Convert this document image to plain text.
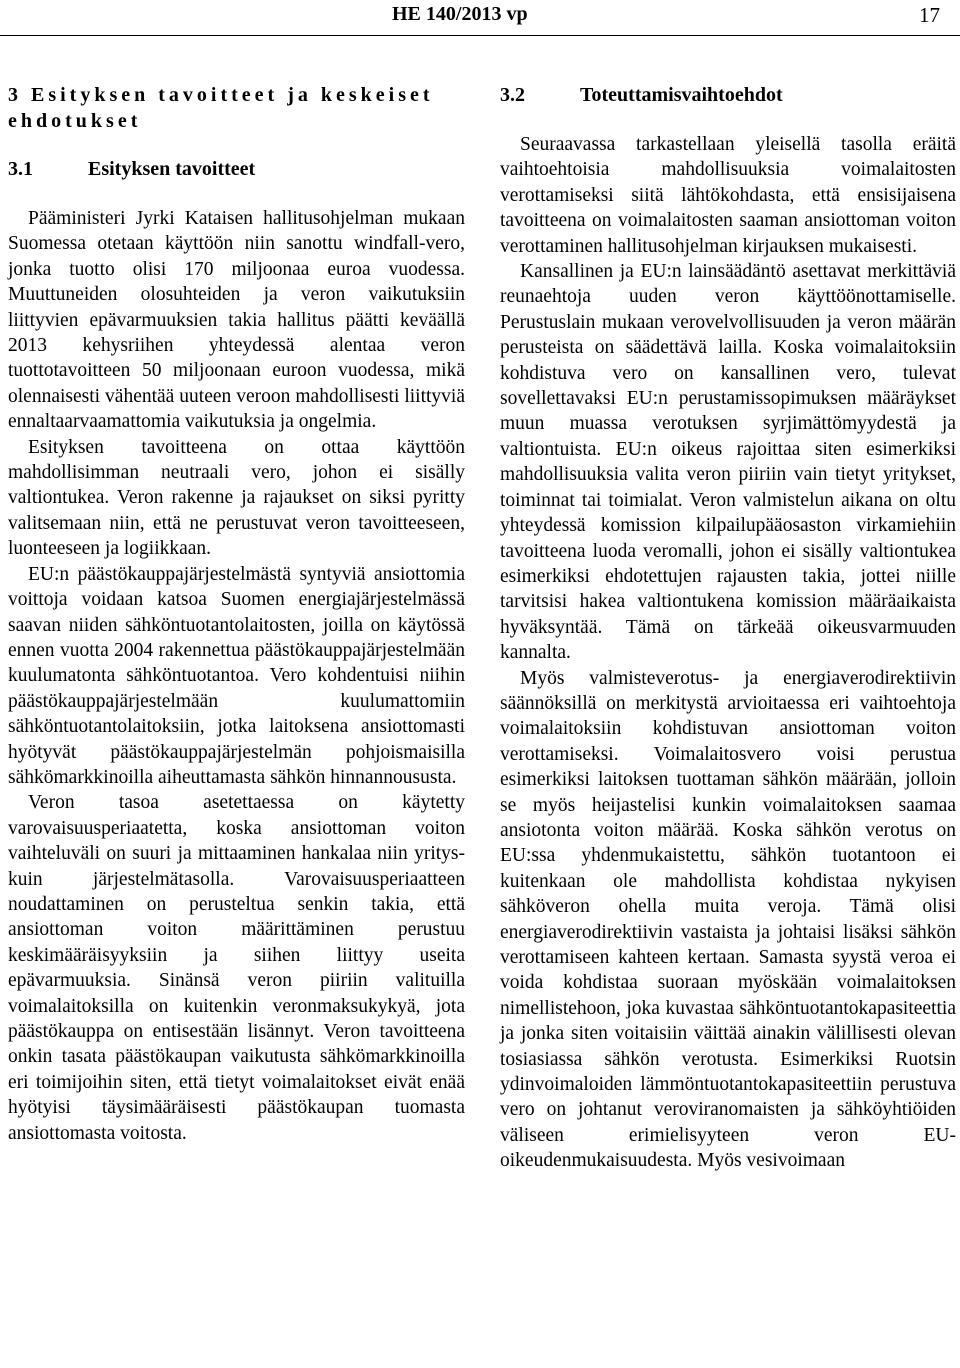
HE 140/2013 vp	17
3 Esityksen tavoitteet ja keskeiset ehdotukset
3.1	Esityksen tavoitteet

Pääministeri Jyrki Kataisen hallitusohjelman mukaan Suomessa otetaan käyttöön niin sanottu windfall-vero, jonka tuotto olisi 170 miljoonaa euroa vuodessa. Muuttuneiden olosuhteiden ja veron vaikutuksiin liittyvien epävarmuuksien takia hallitus päätti keväällä 2013 kehysriihen yhteydessä alentaa veron tuottotavoitteen 50 miljoonaan euroon vuodessa, mikä olennaisesti vähentää uuteen veroon mahdollisesti liittyviä ennaltaarvaamattomia vaikutuksia ja ongelmia.

Esityksen tavoitteena on ottaa käyttöön mahdollisimman neutraali vero, johon ei sisälly valtiontukea. Veron rakenne ja rajaukset on siksi pyritty valitsemaan niin, että ne perustuvat veron tavoitteeseen, luonteeseen ja logiikkaan.

EU:n päästökauppajärjestelmästä syntyviä ansiottomia voittoja voidaan katsoa Suomen energiajärjestelmässä saavan niiden sähköntuotantolaitosten, joilla on käytössä ennen vuotta 2004 rakennettua päästökauppajärjestelmään kuulumatonta sähköntuotantoa. Vero kohdentuisi niihin päästökauppajärjestelmään kuulumattomiin sähköntuotantolaitoksiin, jotka laitoksena ansiottomasti hyötyvät päästökauppajärjestelmän pohjoismaisilla sähkömarkkinoilla aiheuttamasta sähkön hinnannoususta.

Veron tasoa asetettaessa on käytetty varovaisuusperiaatetta, koska ansiottoman voiton vaihteluväli on suuri ja mittaaminen hankalaa niin yritys- kuin järjestelmätasolla. Varovaisuusperiaatteen noudattaminen on perusteltua senkin takia, että ansiottoman voiton määrittäminen perustuu keskimääräisyyksiin ja siihen liittyy useita epävarmuuksia. Sinänsä veron piiriin valituilla voimalaitoksilla on kuitenkin veronmaksukykyä, jota päästökauppa on entisestään lisännyt. Veron tavoitteena onkin tasata päästökaupan vaikutusta sähkömarkkinoilla eri toimijoihin siten, että tietyt voimalaitokset eivät enää hyötyisi täysimääräisesti päästökaupan tuomasta ansiottomasta voitosta.

3.2	Toteuttamisvaihtoehdot

Seuraavassa tarkastellaan yleisellä tasolla eräitä vaihtoehtoisia mahdollisuuksia voimalaitosten verottamiseksi siitä lähtökohdasta, että ensisijaisena tavoitteena on voimalaitosten saaman ansiottoman voiton verottaminen hallitusohjelman kirjauksen mukaisesti.

Kansallinen ja EU:n lainsäädäntö asettavat merkittäviä reunaehtoja uuden veron käyttöönottamiselle. Perustuslain mukaan verovelvollisuuden ja veron määrän perusteista on säädettävä lailla. Koska voimalaitoksiin kohdistuva vero on kansallinen vero, tulevat sovellettavaksi EU:n perustamissopimuksen määräykset muun muassa verotuksen syrjimättömyydestä ja valtiontuista. EU:n oikeus rajoittaa siten esimerkiksi mahdollisuuksia valita veron piiriin vain tietyt yritykset, toiminnat tai toimialat. Veron valmistelun aikana on oltu yhteydessä komission kilpailupääosaston virkamiehiin tavoitteena luoda veromalli, johon ei sisälly valtiontukea esimerkiksi ehdotettujen rajausten takia, jottei niille tarvitsisi hakea valtiontukena komission määräaikaista hyväksyntää. Tämä on tärkeää oikeusvarmuuden kannalta.

Myös valmisteverotus- ja energiaverodirektiivin säännöksillä on merkitystä arvioitaessa eri vaihtoehtoja voimalaitoksiin kohdistuvan ansiottoman voiton verottamiseksi. Voimalaitosvero voisi perustua esimerkiksi laitoksen tuottaman sähkön määrään, jolloin se myös heijastelisi kunkin voimalaitoksen saamaa ansiotonta voiton määrää. Koska sähkön verotus on EU:ssa yhdenmukaistettu, sähkön tuotantoon ei kuitenkaan ole mahdollista kohdistaa nykyisen sähköveron ohella muita veroja. Tämä olisi energiaverodirektiivin vastaista ja johtaisi lisäksi sähkön verottamiseen kahteen kertaan. Samasta syystä veroa ei voida kohdistaa suoraan myöskään voimalaitoksen nimellistehoon, joka kuvastaa sähköntuotantokapasiteettia ja jonka siten voitaisiin väittää ainakin välillisesti olevan tosiasiassa sähkön verotusta. Esimerkiksi Ruotsin ydinvoimaloiden lämmöntuotantokapasiteettiin perustuva vero on johtanut veroviranomaisten ja sähköyhtiöiden väliseen erimielisyyteen veron EU-oikeudenmukaisuudesta. Myös vesivoimaan
